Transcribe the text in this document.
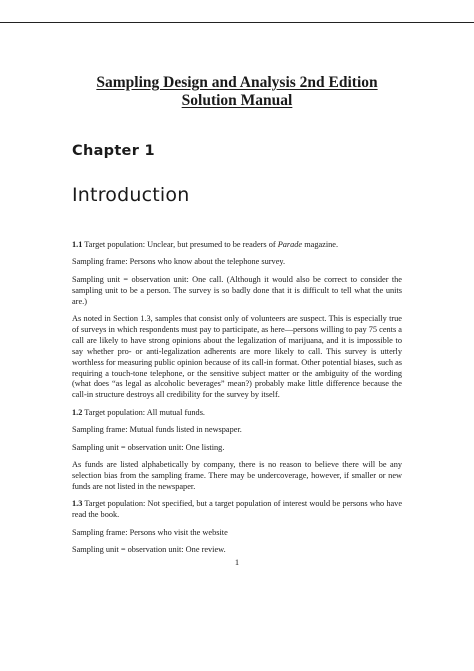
Sampling Design and Analysis 2nd Edition
Solution Manual
Chapter 1
Introduction

1.1 Target population: Unclear, but presumed to be readers of Parade magazine.

Sampling frame: Persons who know about the telephone survey.

Sampling unit = observation unit: One call. (Although it would also be correct to consider the sampling unit to be a person. The survey is so badly done that it is difficult to tell what the units are.)

As noted in Section 1.3, samples that consist only of volunteers are suspect. This is especially true of surveys in which respondents must pay to participate, as here—persons willing to pay 75 cents a call are likely to have strong opinions about the legalization of marijuana, and it is impossible to say whether pro- or anti-legalization adherents are more likely to call. This survey is utterly worthless for measuring public opinion because of its call-in format. Other potential biases, such as requiring a touch-tone telephone, or the sensitive subject matter or the ambiguity of the wording (what does “as legal as alcoholic beverages” mean?) probably make little difference because the call-in structure destroys all credibility for the survey by itself.

1.2 Target population: All mutual funds.

Sampling frame: Mutual funds listed in newspaper.

Sampling unit = observation unit: One listing.

As funds are listed alphabetically by company, there is no reason to believe there will be any selection bias from the sampling frame. There may be undercoverage, however, if smaller or new funds are not listed in the newspaper.

1.3 Target population: Not specified, but a target population of interest would be persons who have read the book.

Sampling frame: Persons who visit the website

Sampling unit = observation unit: One review.

1
